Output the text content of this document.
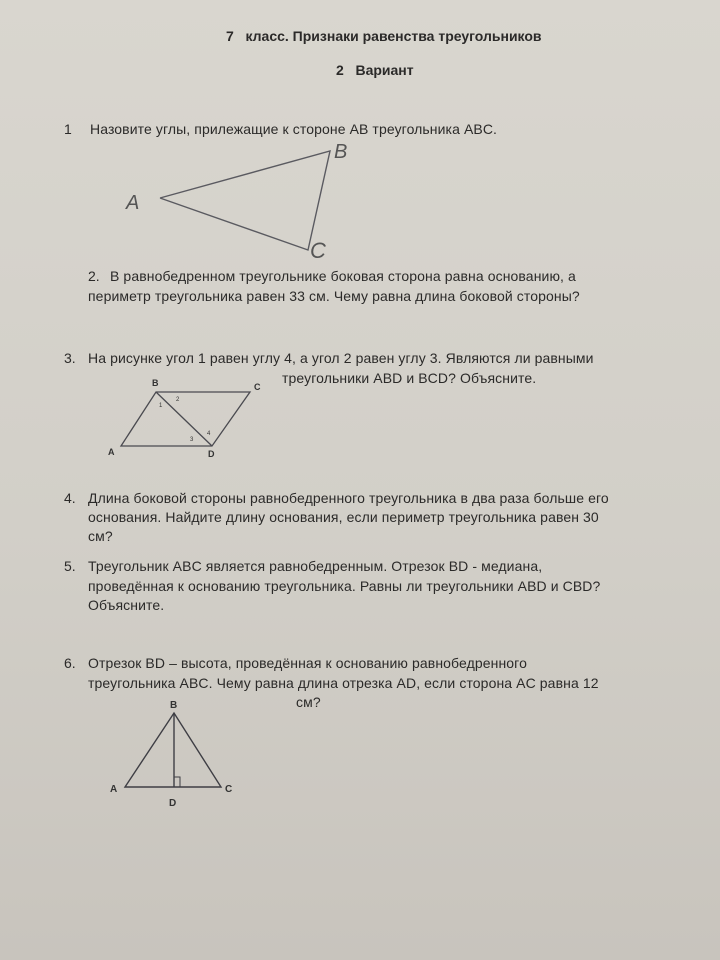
7 класс. Признаки равенства треугольников
2 Вариант
1 Назовите углы, прилежащие к стороне AB треугольника ABC.
B
A
C
2. В равнобедренном треугольнике боковая сторона равна основанию, а
периметр треугольника равен 33 см. Чему равна длина боковой стороны?
3. На рисунке угол 1 равен углу 4, а угол 2 равен углу 3. Являются ли равными
треугольники ABD и BCD? Объясните.
B	C
A	D
1
2
3
4
4. Длина боковой стороны равнобедренного треугольника в два раза больше его
основания. Найдите длину основания, если периметр треугольника равен 30
см?
5. Треугольник ABC является равнобедренным. Отрезок BD - медиана,
проведённая к основанию треугольника. Равны ли треугольники ABD и CBD?
Объясните.
6. Отрезок BD – высота, проведённая к основанию равнобедренного
треугольника ABC. Чему равна длина отрезка AD, если сторона AC равна 12
см?
B
A	C
D
